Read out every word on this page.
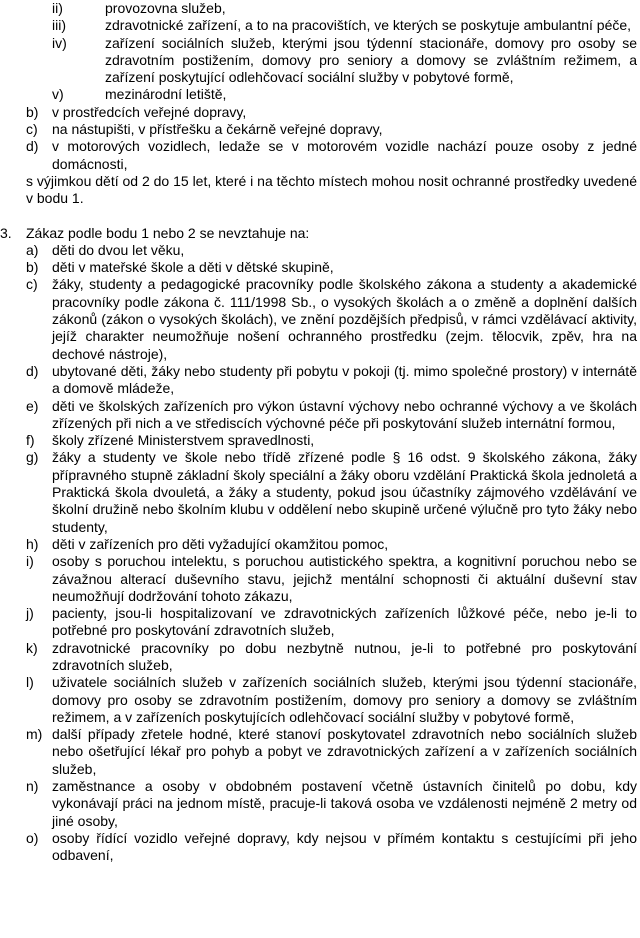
ii)	provozovna služeb,
iii)	zdravotnické zařízení, a to na pracovištích, ve kterých se poskytuje ambulantní péče,
iv)	zařízení sociálních služeb, kterými jsou týdenní stacionáře, domovy pro osoby se zdravotním postižením, domovy pro seniory a domovy se zvláštním režimem, a zařízení poskytující odlehčovací sociální služby v pobytové formě,
v)	mezinárodní letiště,
b) v prostředcích veřejné dopravy,
c) na nástupišti, v přístřešku a čekárně veřejné dopravy,
d) v motorových vozidlech, ledaže se v motorovém vozidle nachází pouze osoby z jedné domácnosti,
s výjimkou dětí od 2 do 15 let, které i na těchto místech mohou nosit ochranné prostředky uvedené v bodu 1.
3. Zákaz podle bodu 1 nebo 2 se nevztahuje na:
a) děti do dvou let věku,
b) děti v mateřské škole a děti v dětské skupině,
c) žáky, studenty a pedagogické pracovníky podle školského zákona a studenty a akademické pracovníky podle zákona č. 111/1998 Sb., o vysokých školách a o změně a doplnění dalších zákonů (zákon o vysokých školách), ve znění pozdějších předpisů, v rámci vzdělávací aktivity, jejíž charakter neumožňuje nošení ochranného prostředku (zejm. tělocvik, zpěv, hra na dechové nástroje),
d) ubytované děti, žáky nebo studenty při pobytu v pokoji (tj. mimo společné prostory) v internátě a domově mládeže,
e) děti ve školských zařízeních pro výkon ústavní výchovy nebo ochranné výchovy a ve školách zřízených při nich a ve střediscích výchovné péče při poskytování služeb internátní formou,
f) školy zřízené Ministerstvem spravedlnosti,
g) žáky a studenty ve škole nebo třídě zřízené podle § 16 odst. 9 školského zákona, žáky přípravného stupně základní školy speciální a žáky oboru vzdělání Praktická škola jednoletá a Praktická škola dvouletá, a žáky a studenty, pokud jsou účastníky zájmového vzdělávání ve školní družině nebo školním klubu v oddělení nebo skupině určené výlučně pro tyto žáky nebo studenty,
h) děti v zařízeních pro děti vyžadující okamžitou pomoc,
i) osoby s poruchou intelektu, s poruchou autistického spektra, a kognitivní poruchou nebo se závažnou alterací duševního stavu, jejichž mentální schopnosti či aktuální duševní stav neumožňují dodržování tohoto zákazu,
j) pacienty, jsou-li hospitalizovaní ve zdravotnických zařízeních lůžkové péče, nebo je-li to potřebné pro poskytování zdravotních služeb,
k) zdravotnické pracovníky po dobu nezbytně nutnou, je-li to potřebné pro poskytování zdravotních služeb,
l) uživatele sociálních služeb v zařízeních sociálních služeb, kterými jsou týdenní stacionáře, domovy pro osoby se zdravotním postižením, domovy pro seniory a domovy se zvláštním režimem, a v zařízeních poskytujících odlehčovací sociální služby v pobytové formě,
m) další případy zřetele hodné, které stanoví poskytovatel zdravotních nebo sociálních služeb nebo ošetřující lékař pro pohyb a pobyt ve zdravotnických zařízení a v zařízeních sociálních služeb,
n) zaměstnance a osoby v obdobném postavení včetně ústavních činitelů po dobu, kdy vykonávají práci na jednom místě, pracuje-li taková osoba ve vzdálenosti nejméně 2 metry od jiné osoby,
o) osoby řídící vozidlo veřejné dopravy, kdy nejsou v přímém kontaktu s cestujícími při jeho odbavení,
